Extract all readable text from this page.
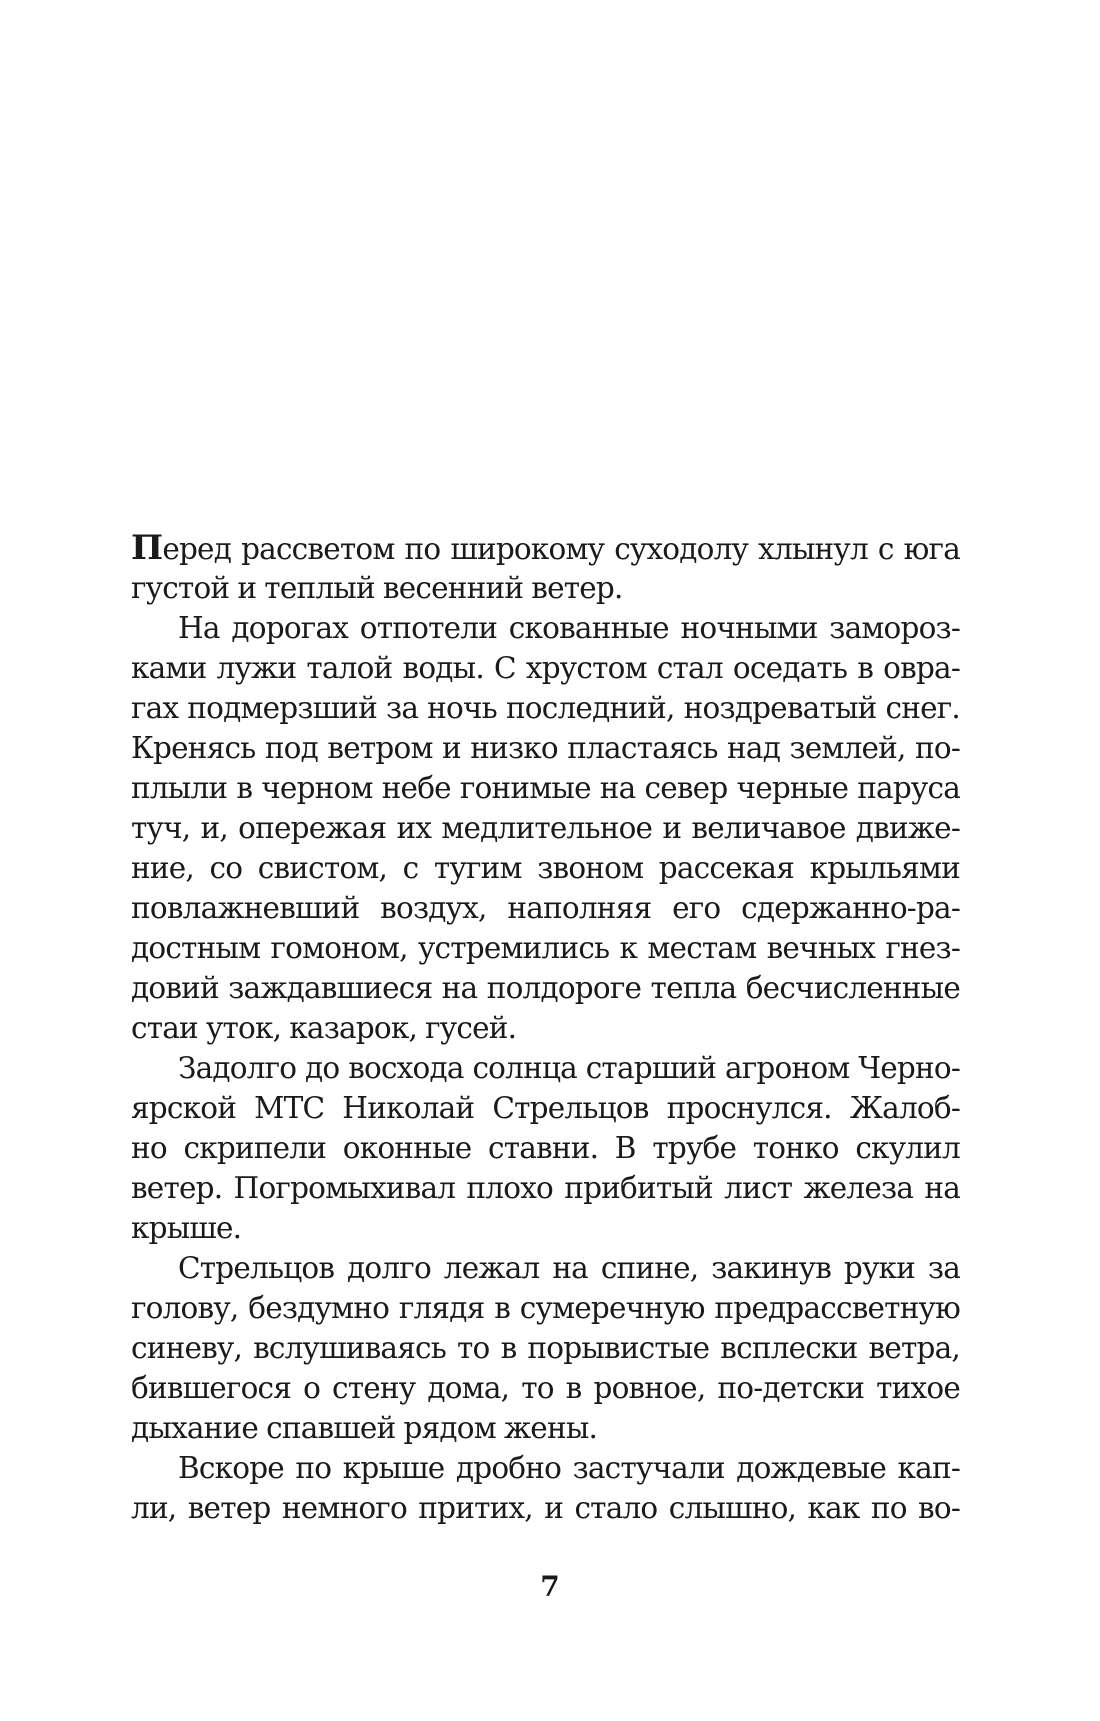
Перед рассветом по широкому суходолу хлынул с юга
густой и теплый весенний ветер.
На дорогах отпотели скованные ночными замороз-
ками лужи талой воды. С хрустом стал оседать в овра-
гах подмерзший за ночь последний, ноздреватый снег.
Кренясь под ветром и низко пластаясь над землей, по-
плыли в черном небе гонимые на север черные паруса
туч, и, опережая их медлительное и величавое движе-
ние, со свистом, с тугим звоном рассекая крыльями
повлажневший воздух, наполняя его сдержанно-ра-
достным гомоном, устремились к местам вечных гнез-
довий заждавшиеся на полдороге тепла бесчисленные
стаи уток, казарок, гусей.
Задолго до восхода солнца старший агроном Черно-
ярской МТС Николай Стрельцов проснулся. Жалоб-
но скрипели оконные ставни. В трубе тонко скулил
ветер. Погромыхивал плохо прибитый лист железа на
крыше.
Стрельцов долго лежал на спине, закинув руки за
голову, бездумно глядя в сумеречную предрассветную
синеву, вслушиваясь то в порывистые всплески ветра,
бившегося о стену дома, то в ровное, по-детски тихое
дыхание спавшей рядом жены.
Вскоре по крыше дробно застучали дождевые кап-
ли, ветер немного притих, и стало слышно, как по во-
7
